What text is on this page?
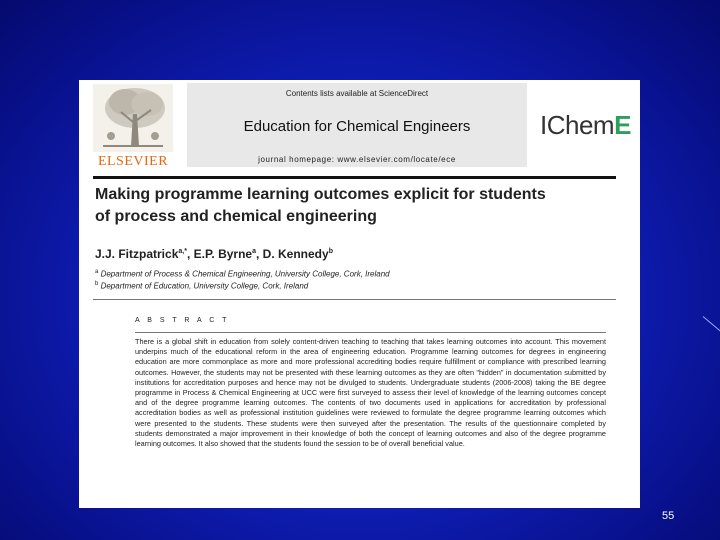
ELSEVIER
Contents lists available at ScienceDirect
Education for Chemical Engineers
journal homepage: www.elsevier.com/locate/ece
IChemE
Making programme learning outcomes explicit for students
of process and chemical engineering
J.J. Fitzpatrick$^{a,*}$, E.P. Byrne$^a$, D. Kennedy$^b$
$^a$ Department of Process & Chemical Engineering, University College, Cork, Ireland
$^b$ Department of Education, University College, Cork, Ireland
A B S T R A C T
There is a global shift in education from solely content-driven teaching to teaching that takes learning outcomes into account. This movement underpins much of the educational reform in the area of engineering education. Programme learning outcomes for degrees in engineering education are more commonplace as more and more professional accrediting bodies require fulfillment or compliance with prescribed learning outcomes. However, the students may not be presented with these learning outcomes as they are often "hidden" in documentation submitted by institutions for accreditation purposes and hence may not be divulged to students. Undergraduate students (2006-2008) taking the BE degree programme in Process & Chemical Engineering at UCC were first surveyed to assess their level of knowledge of the learning outcomes concept and of the degree programme learning outcomes. The contents of two documents used in applications for accreditation by professional accreditation bodies as well as professional institution guidelines were reviewed to formulate the degree programme learning outcomes which were presented to the students. These students were then surveyed after the presentation. The results of the questionnaire completed by students demonstrated a major improvement in their knowledge of both the concept of learning outcomes and also of the degree programme learning outcomes. It also showed that the students found the session to be of overall beneficial value.
55
